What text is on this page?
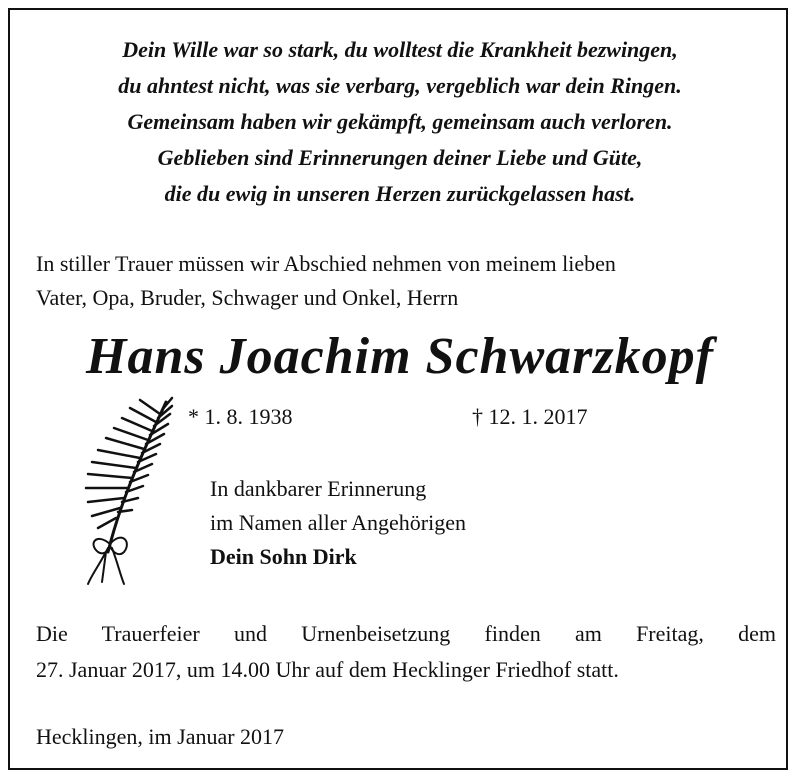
Dein Wille war so stark, du wolltest die Krankheit bezwingen,
du ahntest nicht, was sie verbarg, vergeblich war dein Ringen.
Gemeinsam haben wir gekämpft, gemeinsam auch verloren.
Geblieben sind Erinnerungen deiner Liebe und Güte,
die du ewig in unseren Herzen zurückgelassen hast.
In stiller Trauer müssen wir Abschied nehmen von meinem lieben
Vater, Opa, Bruder, Schwager und Onkel, Herrn
Hans Joachim Schwarzkopf
* 1. 8. 1938	† 12. 1. 2017
In dankbarer Erinnerung
im Namen aller Angehörigen
Dein Sohn Dirk
Die Trauerfeier und Urnenbeisetzung finden am Freitag, dem
27. Januar 2017, um 14.00 Uhr auf dem Hecklinger Friedhof statt.
Hecklingen, im Januar 2017
